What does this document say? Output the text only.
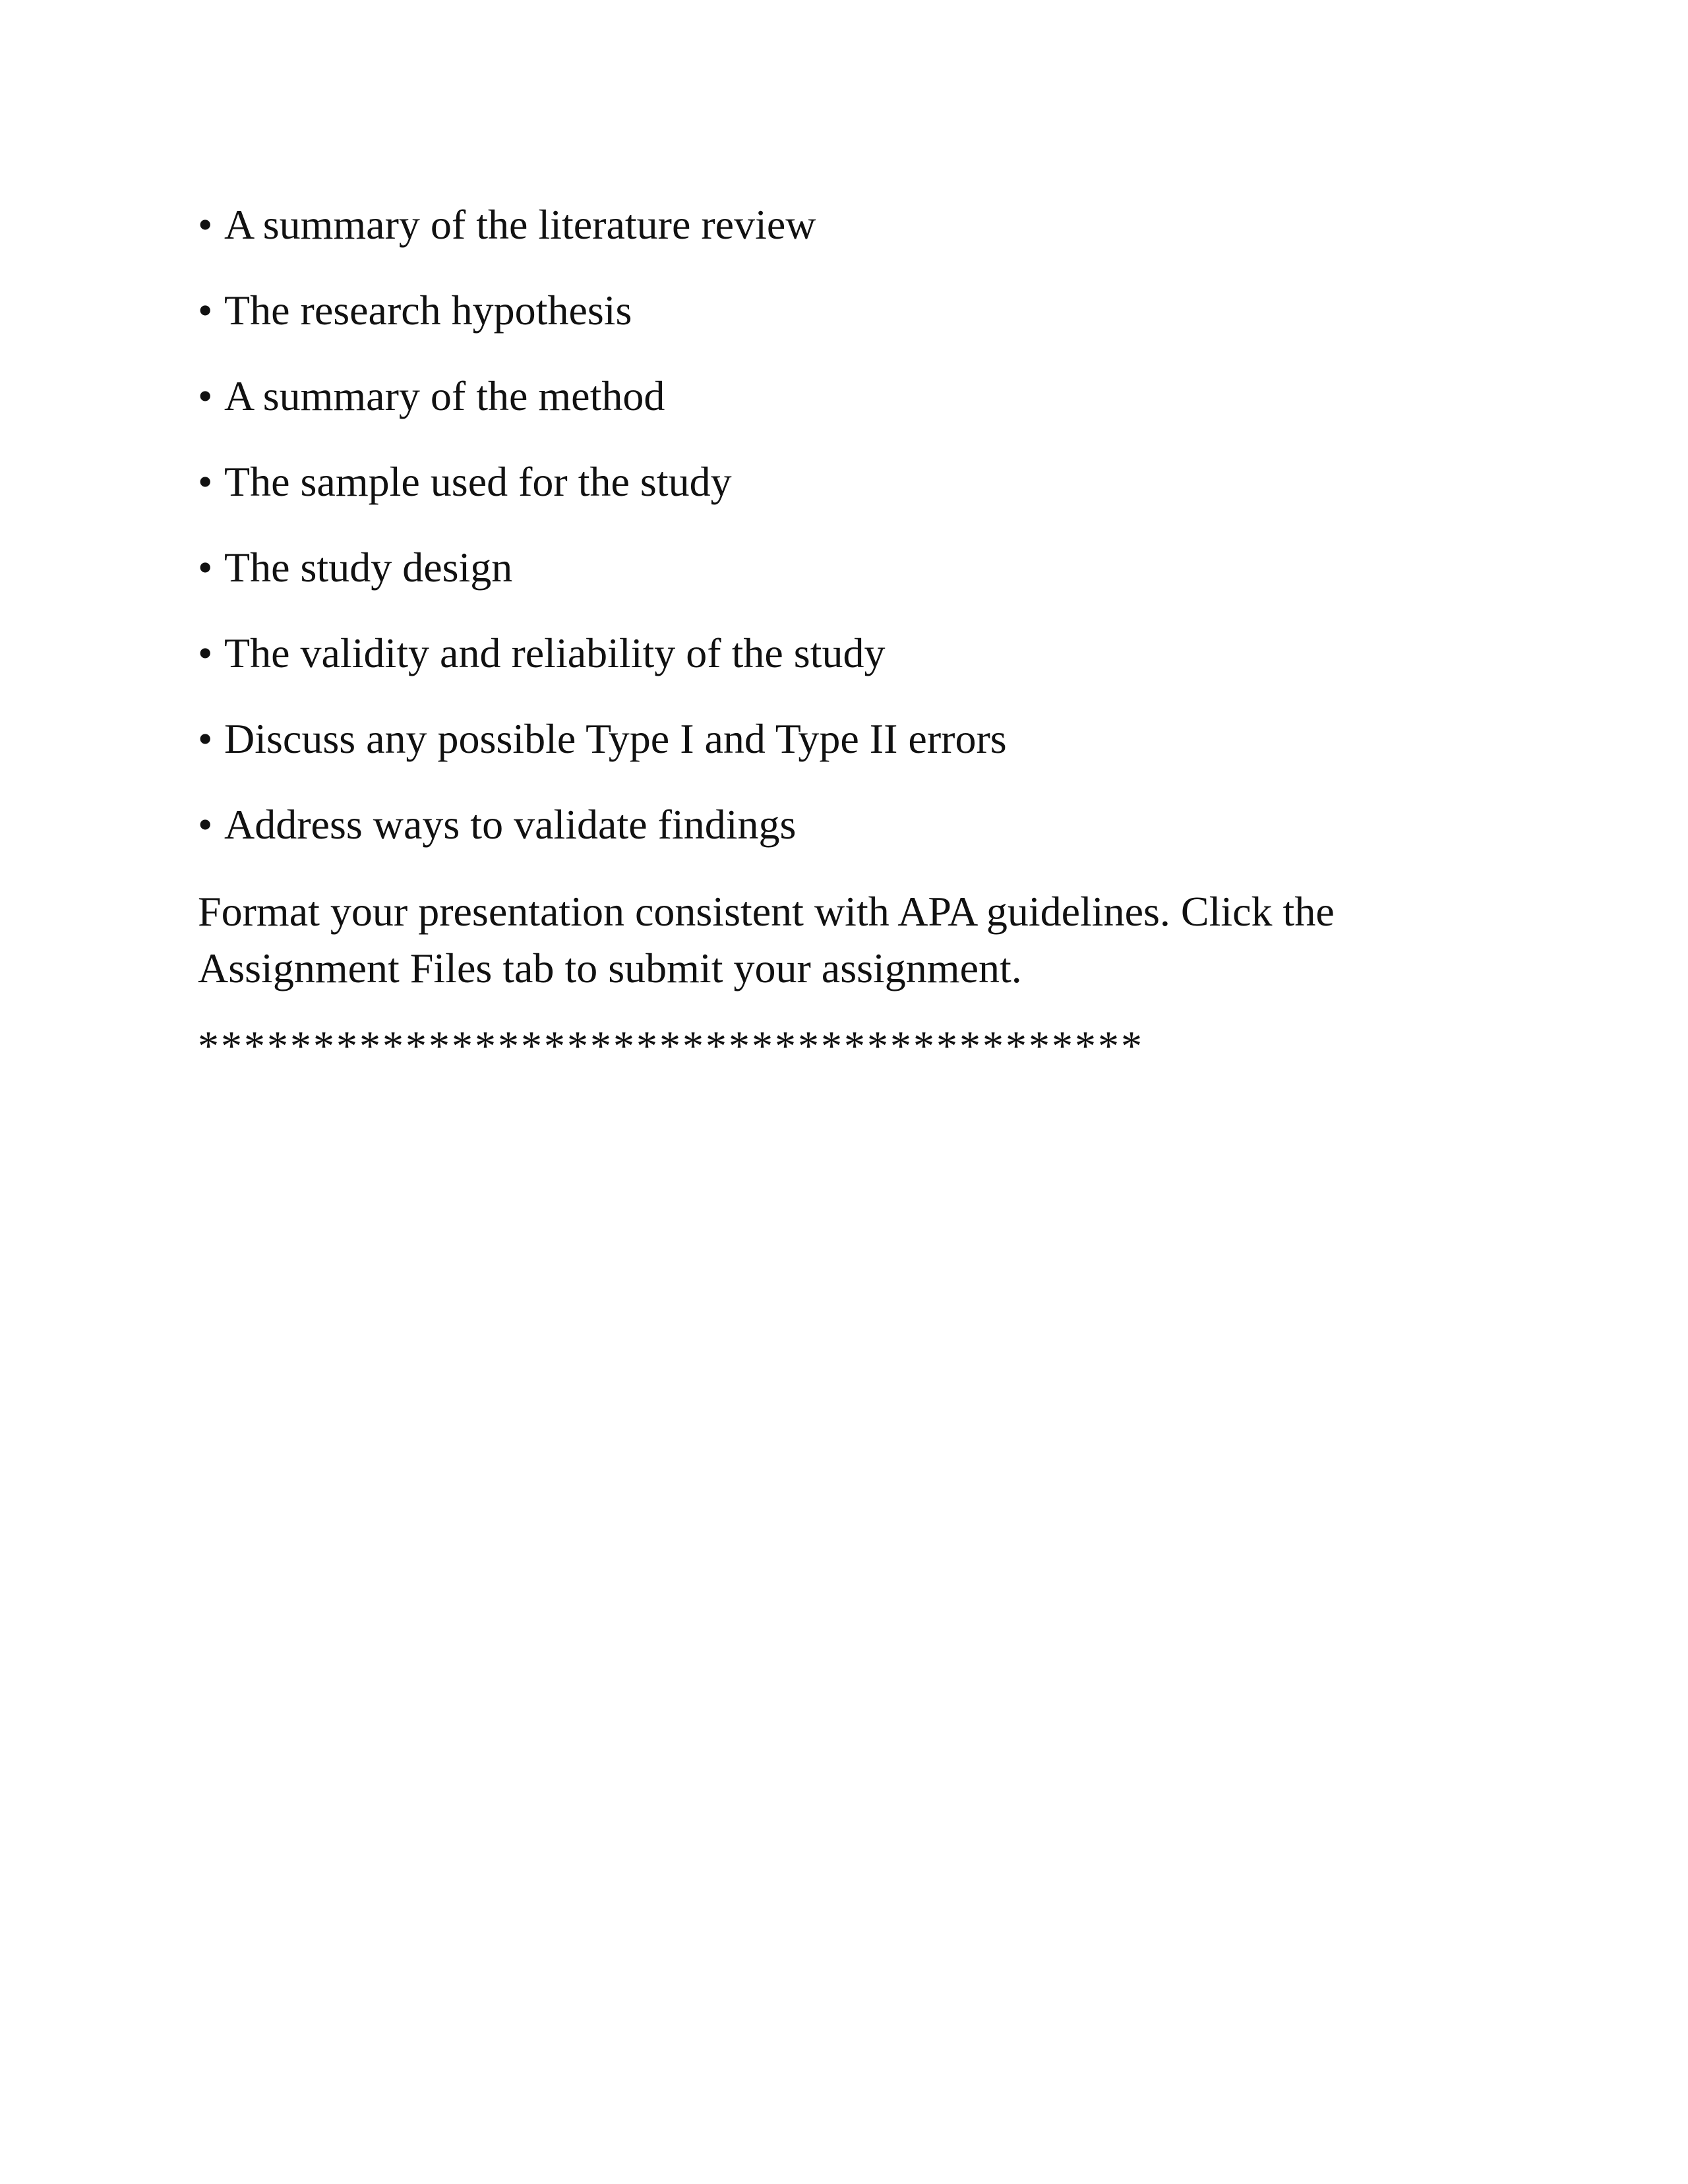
• A summary of the literature review
• The research hypothesis
• A summary of the method
• The sample used for the study
• The study design
• The validity and reliability of the study
• Discuss any possible Type I and Type II errors
• Address ways to validate findings

Format your presentation consistent with APA guidelines. Click the Assignment Files tab to submit your assignment.

*****************************************
